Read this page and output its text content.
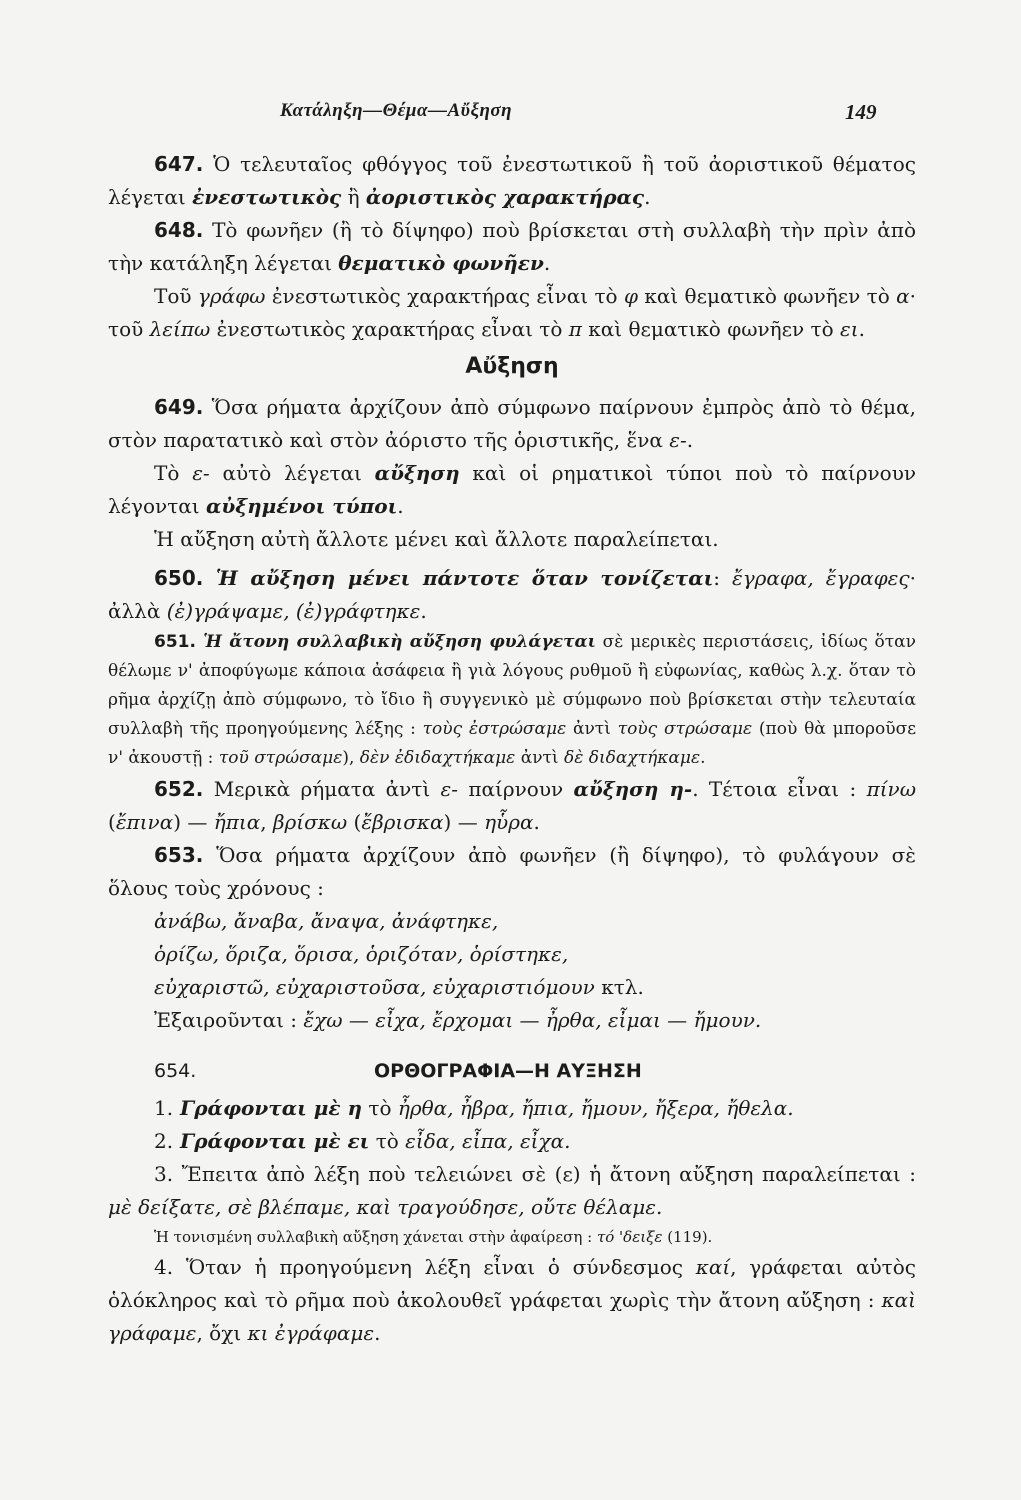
Κατάληξη—Θέμα—Αὔξηση	149

647. Ὁ τελευταῖος φθόγγος τοῦ ἐνεστωτικοῦ ἢ τοῦ ἀοριστικοῦ θέματος λέγεται ἐνεστωτικὸς ἢ ἀοριστικὸς χαρακτήρας.

648. Τὸ φωνῆεν (ἢ τὸ δίψηφο) ποὺ βρίσκεται στὴ συλλαβὴ τὴν πρὶν ἀπὸ τὴν κατάληξη λέγεται θεματικὸ φωνῆεν.

Τοῦ γράφω ἐνεστωτικὸς χαρακτήρας εἶναι τὸ φ καὶ θεματικὸ φωνῆεν τὸ α· τοῦ λείπω ἐνεστωτικὸς χαρακτήρας εἶναι τὸ π καὶ θεματικὸ φωνῆεν τὸ ει.

Αὔξηση

649. Ὅσα ρήματα ἀρχίζουν ἀπὸ σύμφωνο παίρνουν ἐμπρὸς ἀπὸ τὸ θέμα, στὸν παρατατικὸ καὶ στὸν ἀόριστο τῆς ὁριστικῆς, ἕνα ε-.

Τὸ ε- αὐτὸ λέγεται αὔξηση καὶ οἱ ρηματικοὶ τύποι ποὺ τὸ παίρνουν λέγονται αὐξημένοι τύποι.

Ἡ αὔξηση αὐτὴ ἄλλοτε μένει καὶ ἄλλοτε παραλείπεται.

650. Ἡ αὔξηση μένει πάντοτε ὅταν τονίζεται: ἔγραφα, ἔγραφες· ἀλλὰ (ἐ)γράψαμε, (ἐ)γράφτηκε.

651. Ἡ ἄτονη συλλαβικὴ αὔξηση φυλάγεται σὲ μερικὲς περιστάσεις, ἰδίως ὅταν θέλωμε ν' ἀποφύγωμε κάποια ἀσάφεια ἢ γιὰ λόγους ρυθμοῦ ἢ εὐφωνίας, καθὼς λ.χ. ὅταν τὸ ρῆμα ἀρχίζῃ ἀπὸ σύμφωνο, τὸ ἴδιο ἢ συγγενικὸ μὲ σύμφωνο ποὺ βρίσκεται στὴν τελευταία συλλαβὴ τῆς προηγούμενης λέξης : τοὺς ἐστρώσαμε ἀντὶ τοὺς στρώσαμε (ποὺ θὰ μποροῦσε ν' ἀκουστῇ : τοῦ στρώσαμε), δὲν ἐδιδαχτήκαμε ἀντὶ δὲ διδαχτήκαμε.

652. Μερικὰ ρήματα ἀντὶ ε- παίρνουν αὔξηση η-. Τέτοια εἶναι : πίνω (ἔπινα) — ἤπια, βρίσκω (ἔβρισκα) — ηὗρα.

653. Ὅσα ρήματα ἀρχίζουν ἀπὸ φωνῆεν (ἢ δίψηφο), τὸ φυλάγουν σὲ ὅλους τοὺς χρόνους :

ἀνάβω, ἄναβα, ἄναψα, ἀνάφτηκε,

ὁρίζω, ὅριζα, ὅρισα, ὁριζόταν, ὁρίστηκε,

εὐχαριστῶ, εὐχαριστοῦσα, εὐχαριστιόμουν κτλ.

Ἐξαιροῦνται : ἔχω — εἶχα, ἔρχομαι — ἦρθα, εἶμαι — ἤμουν.

654.	ΟΡΘΟΓΡΑΦΙΑ—Η ΑΥΞΗΣΗ

1. Γράφονται μὲ η τὸ ἦρθα, ἦβρα, ἤπια, ἤμουν, ἤξερα, ἤθελα.

2. Γράφονται μὲ ει τὸ εἶδα, εἶπα, εἶχα.

3. Ἔπειτα ἀπὸ λέξη ποὺ τελειώνει σὲ (ε) ἡ ἄτονη αὔξηση παραλείπεται : μὲ δείξατε, σὲ βλέπαμε, καὶ τραγούδησε, οὔτε θέλαμε.

Ἡ τονισμένη συλλαβικὴ αὔξηση χάνεται στὴν ἀφαίρεση : τό 'δειξε (119).

4. Ὅταν ἡ προηγούμενη λέξη εἶναι ὁ σύνδεσμος καί, γράφεται αὐτὸς ὁλόκληρος καὶ τὸ ρῆμα ποὺ ἀκολουθεῖ γράφεται χωρὶς τὴν ἄτονη αὔξηση : καὶ γράφαμε, ὄχι κι ἐγράφαμε.
